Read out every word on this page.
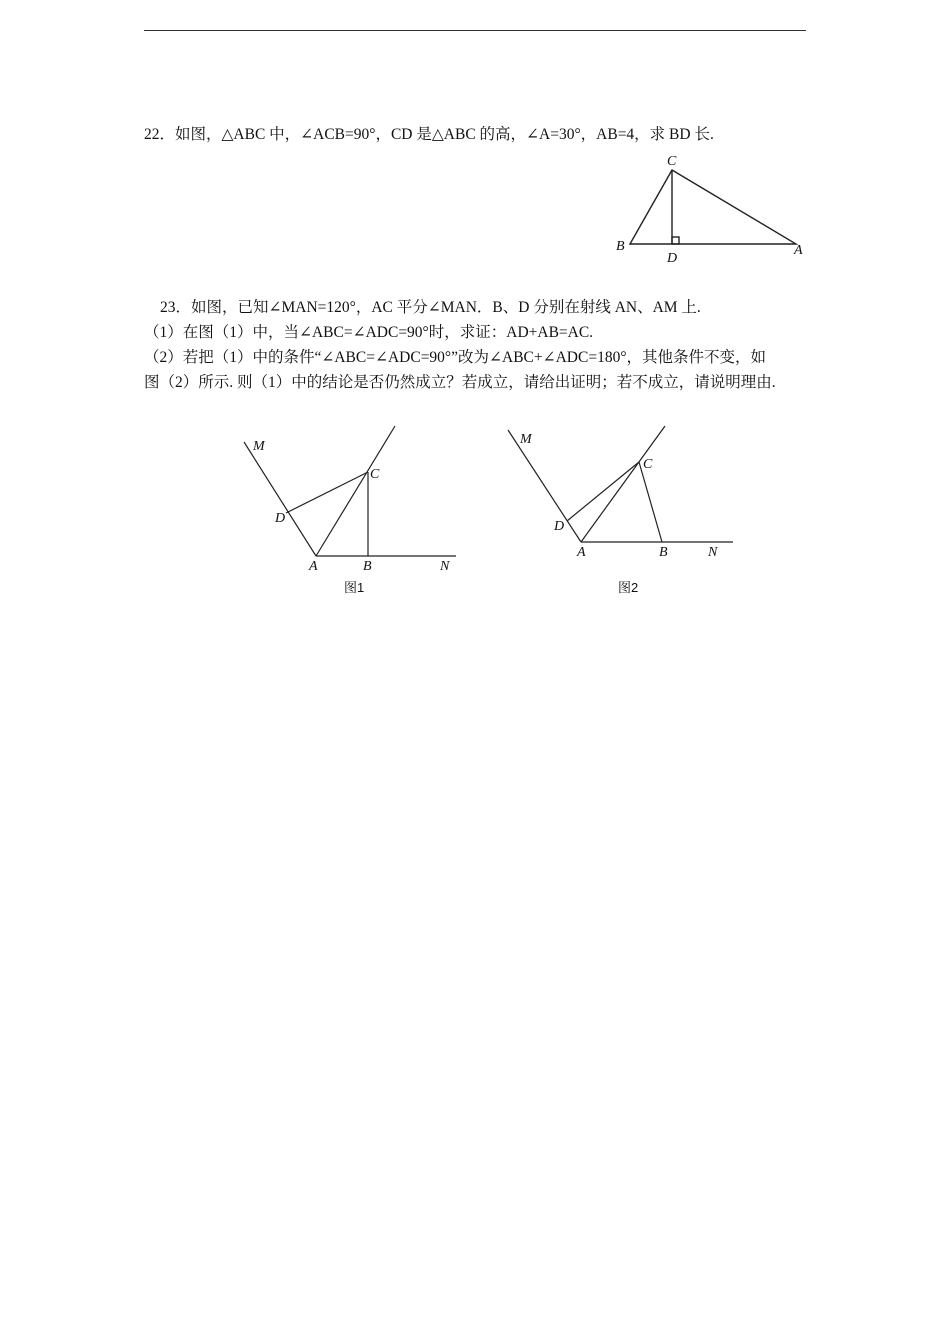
22．如图，△ABC 中，∠ACB=90°，CD 是△ABC 的高，∠A=30°，AB=4，求 BD 长.
C
B
D
A
23．如图，已知∠MAN=120°，AC 平分∠MAN．B、D 分别在射线 AN、AM 上.
（1）在图（1）中，当∠ABC=∠ADC=90°时，求证：AD+AB=AC.
（2）若把（1）中的条件“∠ABC=∠ADC=90°”改为∠ABC+∠ADC=180°，其他条件不变，如
图（2）所示. 则（1）中的结论是否仍然成立？若成立，请给出证明；若不成立，请说明理由.
M
C
D
A	B	N
图1
M
C
D
A	B	N
图2
